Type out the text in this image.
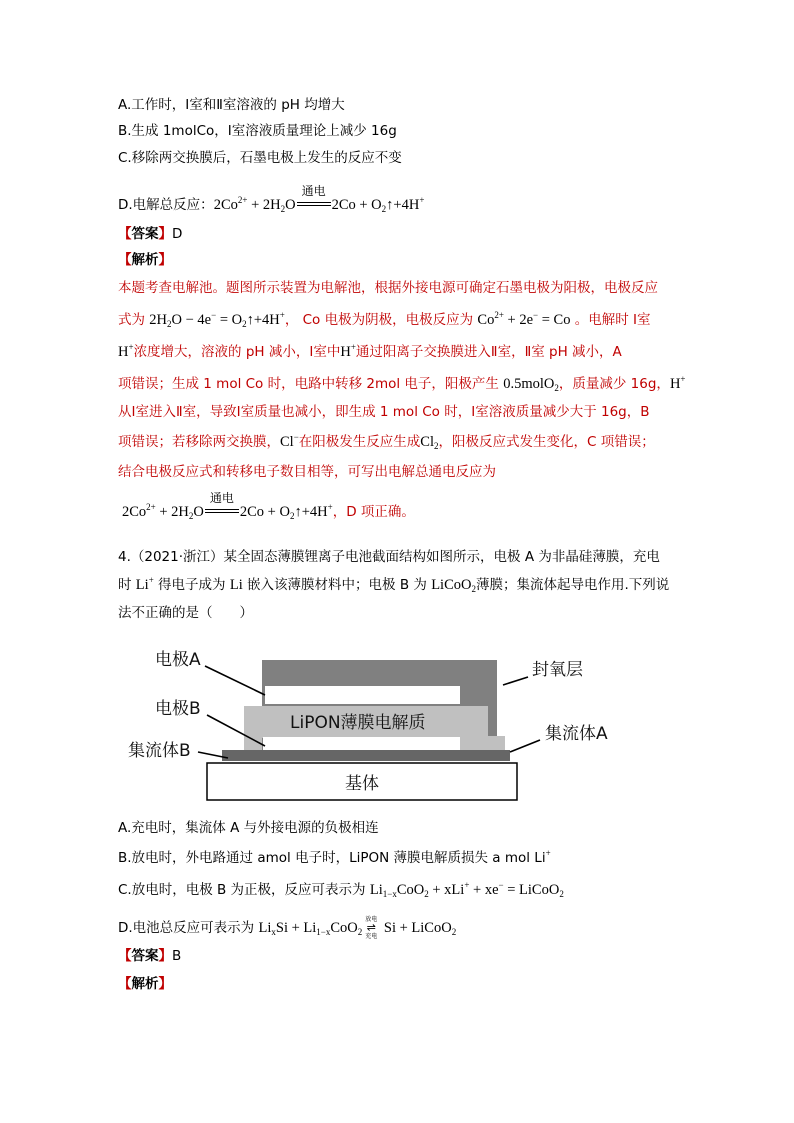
A.工作时，Ⅰ室和Ⅱ室溶液的 pH 均增大
B.生成 1molCo，Ⅰ室溶液质量理论上减少 16g
C.移除两交换膜后，石墨电极上发生的反应不变
D.电解总反应：$2Co^{2+} + 2H_2O$
通电
$2Co + O_2↑+4H^+$
【答案】D
【解析】
本题考查电解池。题图所示装置为电解池，根据外接电源可确定石墨电极为阳极，电极反应
式为 $2H_2O - 4e^-$ = $O_2↑+4H^+$， Co 电极为阴极，电极反应为 $Co^{2+} + 2e^- = Co$ 。电解时 Ⅰ室
H+浓度增大，溶液的 pH 减小，Ⅰ室中H+通过阳离子交换膜进入Ⅱ室，Ⅱ室 pH 减小，A
项错误；生成 1 mol Co 时，电路中转移 2mol 电子，阳极产生 0.5molO$_2$，质量减少 16g，H+
从Ⅰ室进入Ⅱ室，导致Ⅰ室质量也减小，即生成 1 mol Co 时，Ⅰ室溶液质量减少大于 16g，B
项错误；若移除两交换膜，Cl−在阳极发生反应生成$Cl_2$，阳极反应式发生变化，C 项错误；
结合电极反应式和转移电子数目相等，可写出电解总通电反应为
$2Co^{2+} + 2H_2O$
通电
$2Co + O_2↑+4H^+$，D 项正确。
4.（2021·浙江）某全固态薄膜锂离子电池截面结构如图所示，电极 A 为非晶硅薄膜，充电
时 Li+ 得电子成为 Li 嵌入该薄膜材料中；电极 B 为 LiCoO$_2$薄膜；集流体起导电作用.下列说
法不正确的是（　　）
基体
LiPON薄膜电解质
电极A
电极B
集流体B
封氧层
集流体A
A.充电时，集流体 A 与外接电源的负极相连
B.放电时，外电路通过 amol 电子时，LiPON 薄膜电解质损失 a mol Li+
C.放电时，电极 B 为正极，反应可表示为 $Li_{1-x}CoO_2 + xLi^+ + xe^-$ = LiCoO$_2$
D.电池总反应可表示为 $Li_xSi + Li_{1-x}CoO_2$
放电
⇌
充电
Si + LiCoO$_2$
【答案】B
【解析】
